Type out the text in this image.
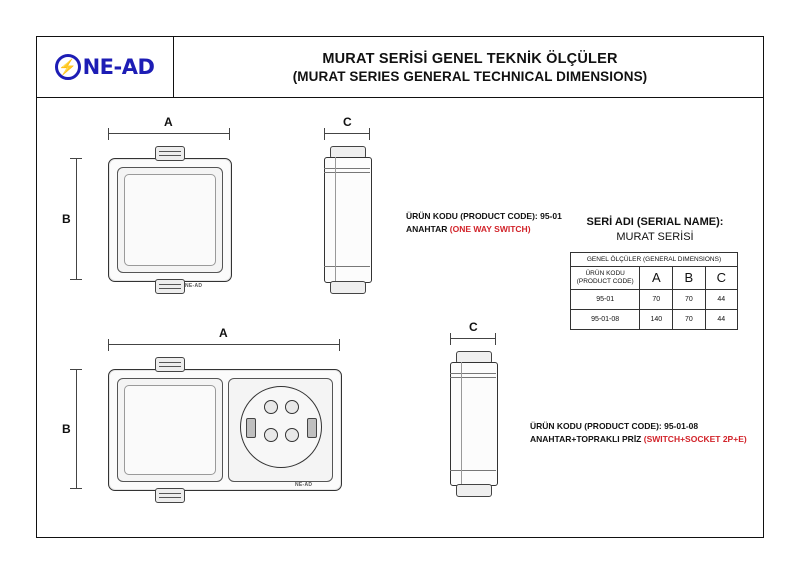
⚡ NE-AD	MURAT SERİSİ GENEL TEKNİK ÖLÇÜLER
(MURAT SERIES GENERAL TECHNICAL DIMENSIONS)
A
B
NE-AD
C
ÜRÜN KODU (PRODUCT CODE): 95-01
ANAHTAR (ONE WAY SWITCH)
SERİ ADI (SERIAL NAME):
MURAT SERİSİ
GENEL ÖLÇÜLER (GENERAL DIMENSIONS)			
ÜRÜN KODU
(PRODUCT CODE)	A	B	C
95-01	70	70	44
95-01-08	140	70	44
A
B
NE-AD
C
ÜRÜN KODU (PRODUCT CODE): 95-01-08
ANAHTAR+TOPRAKLI PRİZ (SWITCH+SOCKET 2P+E)
